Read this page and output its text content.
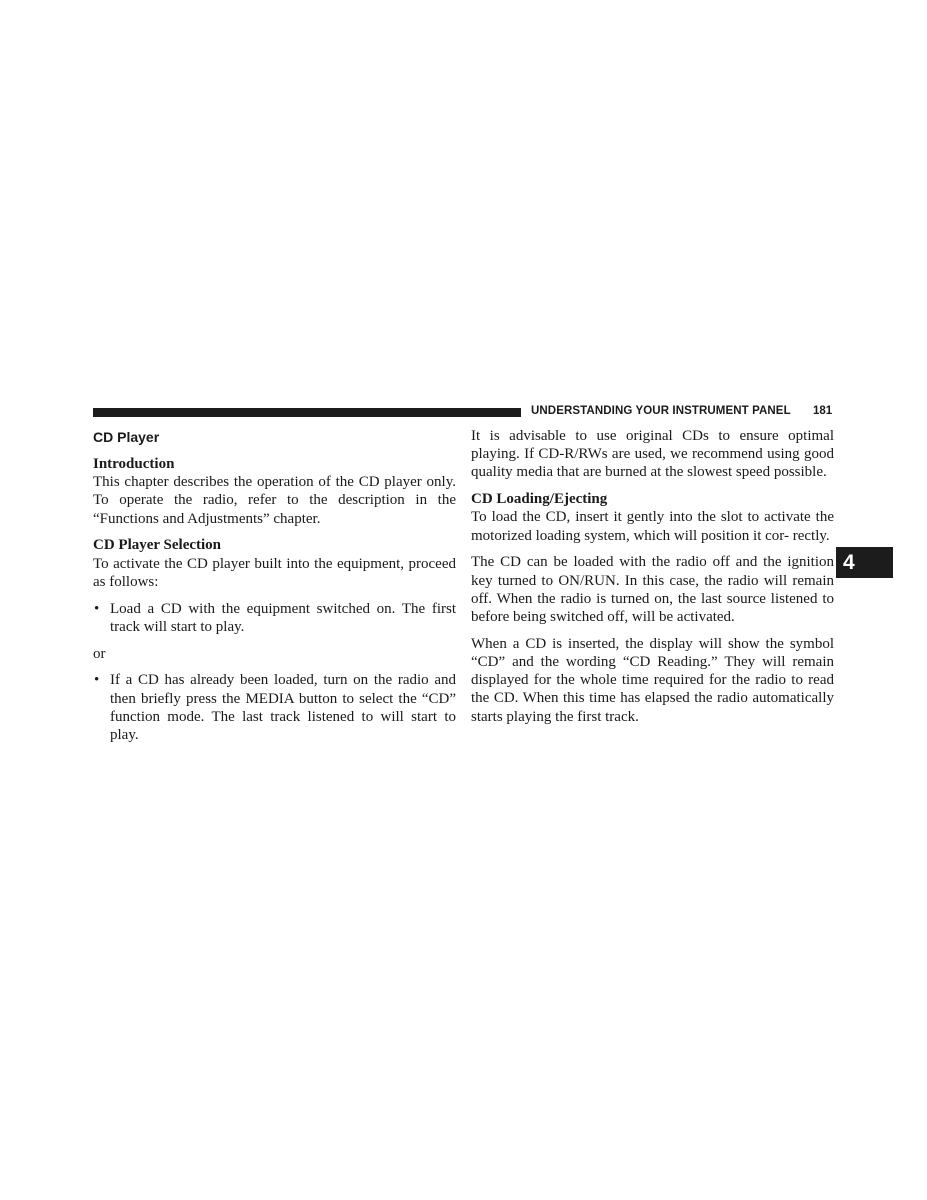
UNDERSTANDING YOUR INSTRUMENT PANEL 181
4
CD Player
Introduction

This chapter describes the operation of the CD player only. To operate the radio, refer to the description in the “Functions and Adjustments” chapter.

CD Player Selection

To activate the CD player built into the equipment, proceed as follows:

• Load a CD with the equipment switched on. The first track will start to play.
or
• If a CD has already been loaded, turn on the radio and then briefly press the MEDIA button to select the “CD” function mode. The last track listened to will start to play.

It is advisable to use original CDs to ensure optimal playing. If CD-R/RWs are used, we recommend using good quality media that are burned at the slowest speed possible.

CD Loading/Ejecting

To load the CD, insert it gently into the slot to activate the motorized loading system, which will position it cor- rectly.

The CD can be loaded with the radio off and the ignition key turned to ON/RUN. In this case, the radio will remain off. When the radio is turned on, the last source listened to before being switched off, will be activated.

When a CD is inserted, the display will show the symbol “CD” and the wording “CD Reading.” They will remain displayed for the whole time required for the radio to read the CD. When this time has elapsed the radio automatically starts playing the first track.
